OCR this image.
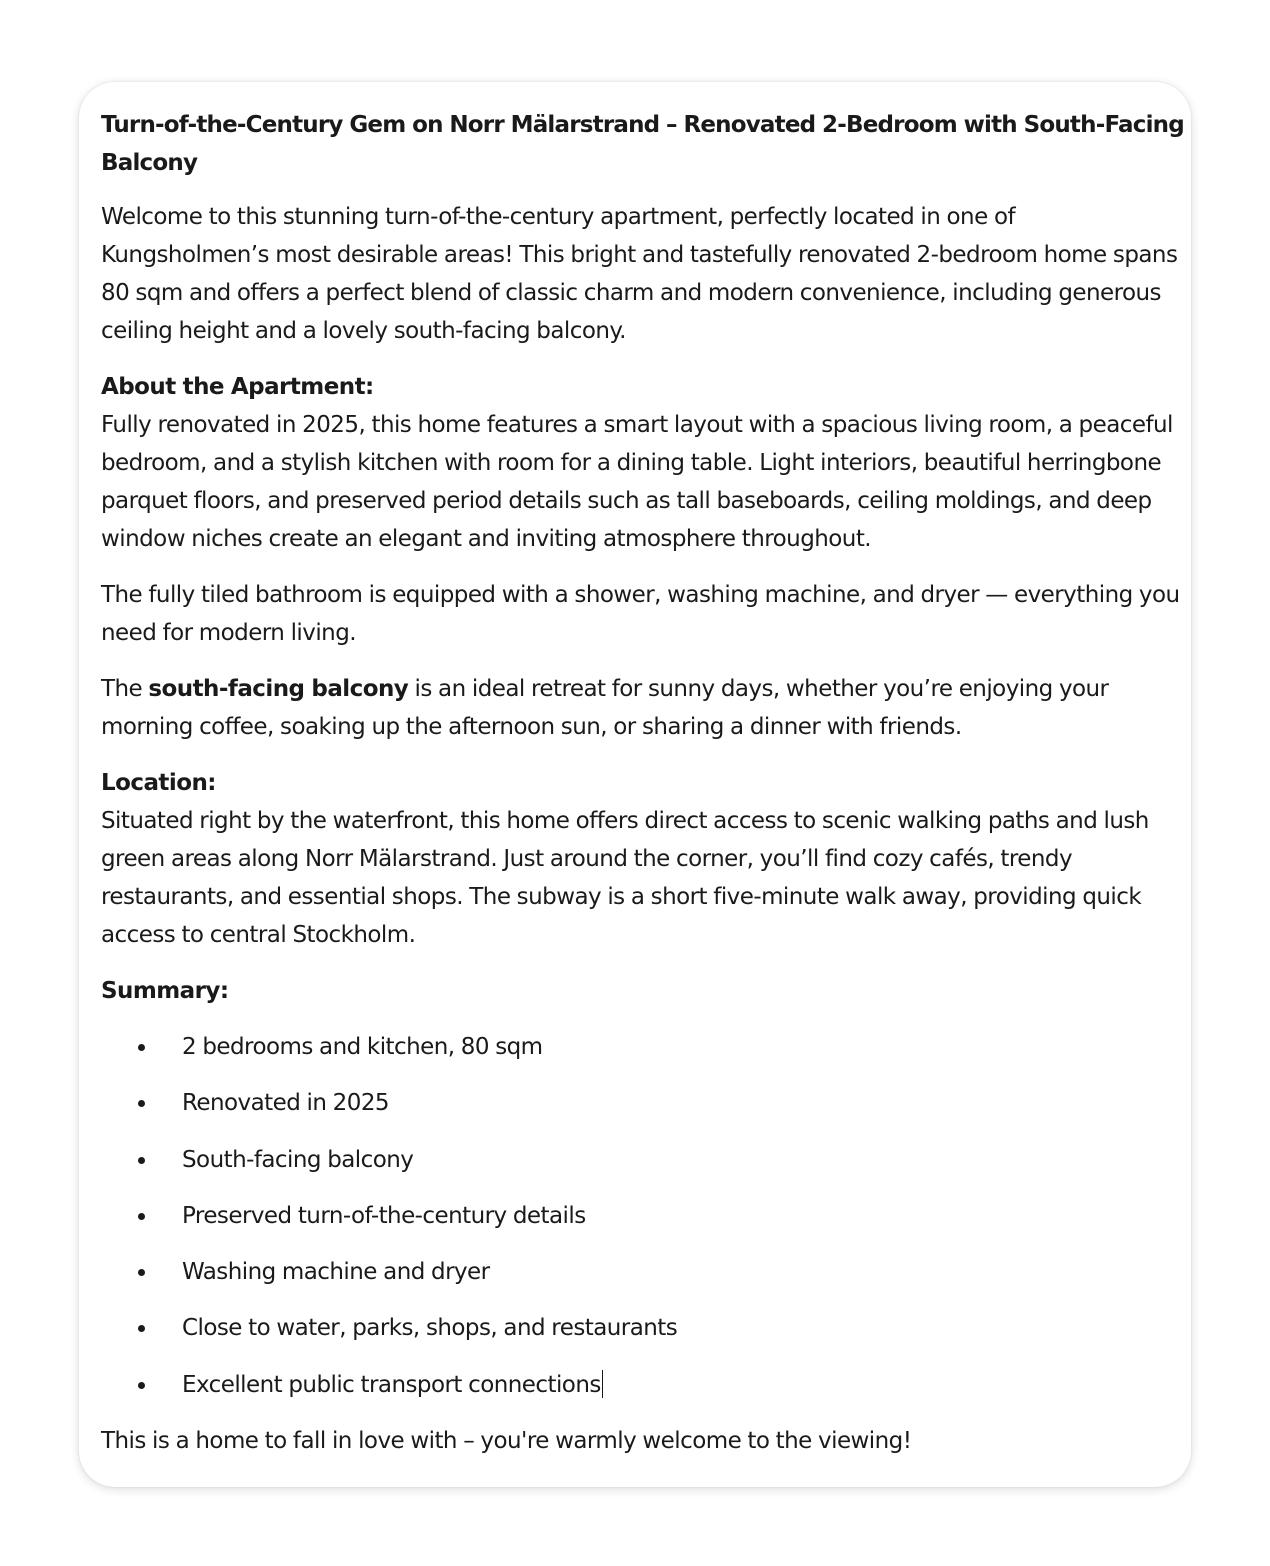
Turn-of-the-Century Gem on Norr Mälarstrand – Renovated 2-Bedroom with South-Facing Balcony

Welcome to this stunning turn-of-the-century apartment, perfectly located in one of Kungsholmen’s most desirable areas! This bright and tastefully renovated 2-bedroom home spans 80 sqm and offers a perfect blend of classic charm and modern convenience, including generous ceiling height and a lovely south-facing balcony.

About the Apartment:
Fully renovated in 2025, this home features a smart layout with a spacious living room, a peaceful bedroom, and a stylish kitchen with room for a dining table. Light interiors, beautiful herringbone parquet floors, and preserved period details such as tall baseboards, ceiling moldings, and deep window niches create an elegant and inviting atmosphere throughout.

The fully tiled bathroom is equipped with a shower, washing machine, and dryer — everything you need for modern living.

The south-facing balcony is an ideal retreat for sunny days, whether you’re enjoying your morning coffee, soaking up the afternoon sun, or sharing a dinner with friends.

Location:
Situated right by the waterfront, this home offers direct access to scenic walking paths and lush green areas along Norr Mälarstrand. Just around the corner, you’ll find cozy cafés, trendy restaurants, and essential shops. The subway is a short five-minute walk away, providing quick access to central Stockholm.

Summary:

2 bedrooms and kitchen, 80 sqm
Renovated in 2025
South-facing balcony
Preserved turn-of-the-century details
Washing machine and dryer
Close to water, parks, shops, and restaurants
Excellent public transport connections

This is a home to fall in love with – you're warmly welcome to the viewing!
